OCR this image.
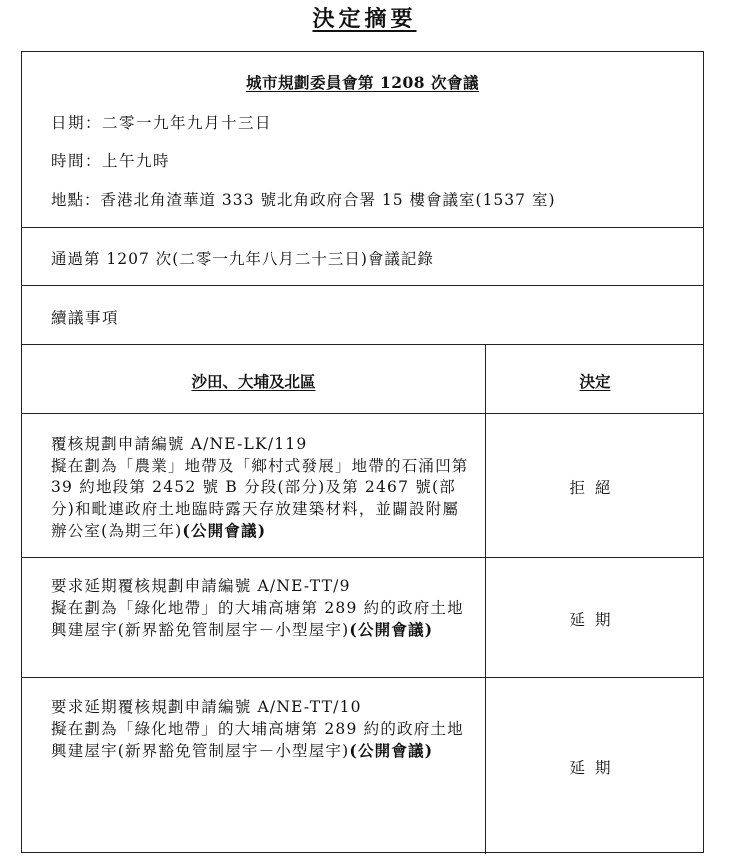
決定摘要
城市規劃委員會第 1208 次會議
日期：二零一九年九月十三日
時間：上午九時
地點：香港北角渣華道 333 號北角政府合署 15 樓會議室(1537 室)
通過第 1207 次(二零一九年八月二十三日)會議記錄
續議事項
沙田、大埔及北區	決定
覆核規劃申請編號 A/NE-LK/119
擬在劃為「農業」地帶及「鄉村式發展」地帶的石涌凹第 39 約地段第 2452 號 B 分段(部分)及第 2467 號(部分)和毗連政府土地臨時露天存放建築材料，並闢設附屬辦公室(為期三年)(公開會議)
拒絕
要求延期覆核規劃申請編號 A/NE-TT/9
擬在劃為「綠化地帶」的大埔高塘第 289 約的政府土地興建屋宇(新界豁免管制屋宇－小型屋宇)(公開會議)	延期
要求延期覆核規劃申請編號 A/NE-TT/10
擬在劃為「綠化地帶」的大埔高塘第 289 約的政府土地興建屋宇(新界豁免管制屋宇－小型屋宇)(公開會議)
延期
